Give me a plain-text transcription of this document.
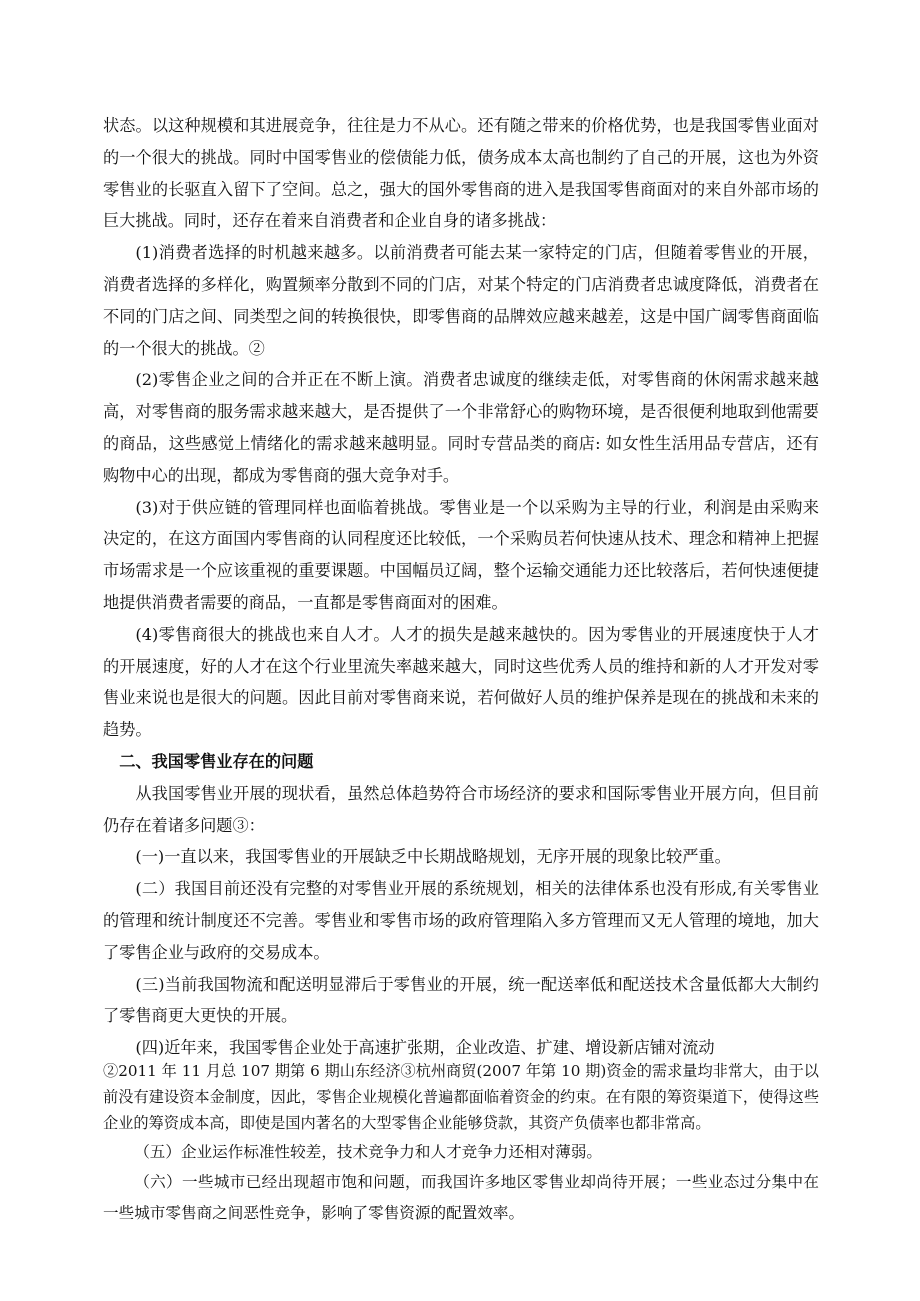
状态。以这种规模和其进展竞争，往往是力不从心。还有随之带来的价格优势，也是我国零售业面对的一个很大的挑战。同时中国零售业的偿债能力低，债务成本太高也制约了自己的开展，这也为外资零售业的长驱直入留下了空间。总之，强大的国外零售商的进入是我国零售商面对的来自外部市场的巨大挑战。同时，还存在着来自消费者和企业自身的诸多挑战：

(1)消费者选择的时机越来越多。以前消费者可能去某一家特定的门店，但随着零售业的开展，消费者选择的多样化，购置频率分散到不同的门店，对某个特定的门店消费者忠诚度降低，消费者在不同的门店之间、同类型之间的转换很快，即零售商的品牌效应越来越差，这是中国广阔零售商面临的一个很大的挑战。②

(2)零售企业之间的合并正在不断上演。消费者忠诚度的继续走低，对零售商的休闲需求越来越高，对零售商的服务需求越来越大，是否提供了一个非常舒心的购物环境，是否很便利地取到他需要的商品，这些感觉上情绪化的需求越来越明显。同时专营品类的商店: 如女性生活用品专营店，还有购物中心的出现，都成为零售商的强大竞争对手。

(3)对于供应链的管理同样也面临着挑战。零售业是一个以采购为主导的行业，利润是由采购来决定的，在这方面国内零售商的认同程度还比较低，一个采购员若何快速从技术、理念和精神上把握市场需求是一个应该重视的重要课题。中国幅员辽阔，整个运输交通能力还比较落后，若何快速便捷地提供消费者需要的商品，一直都是零售商面对的困难。

(4)零售商很大的挑战也来自人才。人才的损失是越来越快的。因为零售业的开展速度快于人才的开展速度，好的人才在这个行业里流失率越来越大，同时这些优秀人员的维持和新的人才开发对零售业来说也是很大的问题。因此目前对零售商来说，若何做好人员的维护保养是现在的挑战和未来的趋势。

二、我国零售业存在的问题

从我国零售业开展的现状看，虽然总体趋势符合市场经济的要求和国际零售业开展方向，但目前仍存在着诸多问题③：

(一)一直以来，我国零售业的开展缺乏中长期战略规划，无序开展的现象比较严重。

(二）我国目前还没有完整的对零售业开展的系统规划，相关的法律体系也没有形成,有关零售业的管理和统计制度还不完善。零售业和零售市场的政府管理陷入多方管理而又无人管理的境地，加大了零售企业与政府的交易成本。

(三)当前我国物流和配送明显滞后于零售业的开展，统一配送率低和配送技术含量低都大大制约了零售商更大更快的开展。

(四)近年来，我国零售企业处于高速扩张期，企业改造、扩建、增设新店铺对流动

②2011 年 11 月总 107 期第 6 期山东经济③杭州商贸(2007 年第 10 期)资金的需求量均非常大，由于以前没有建设资本金制度，因此，零售企业规模化普遍都面临着资金的约束。在有限的筹资渠道下，使得这些企业的筹资成本高，即使是国内著名的大型零售企业能够贷款，其资产负债率也都非常高。

（五）企业运作标准性较差，技术竞争力和人才竞争力还相对薄弱。

（六）一些城市已经出现超市饱和问题，而我国许多地区零售业却尚待开展；一些业态过分集中在一些城市零售商之间恶性竞争，影响了零售资源的配置效率。
